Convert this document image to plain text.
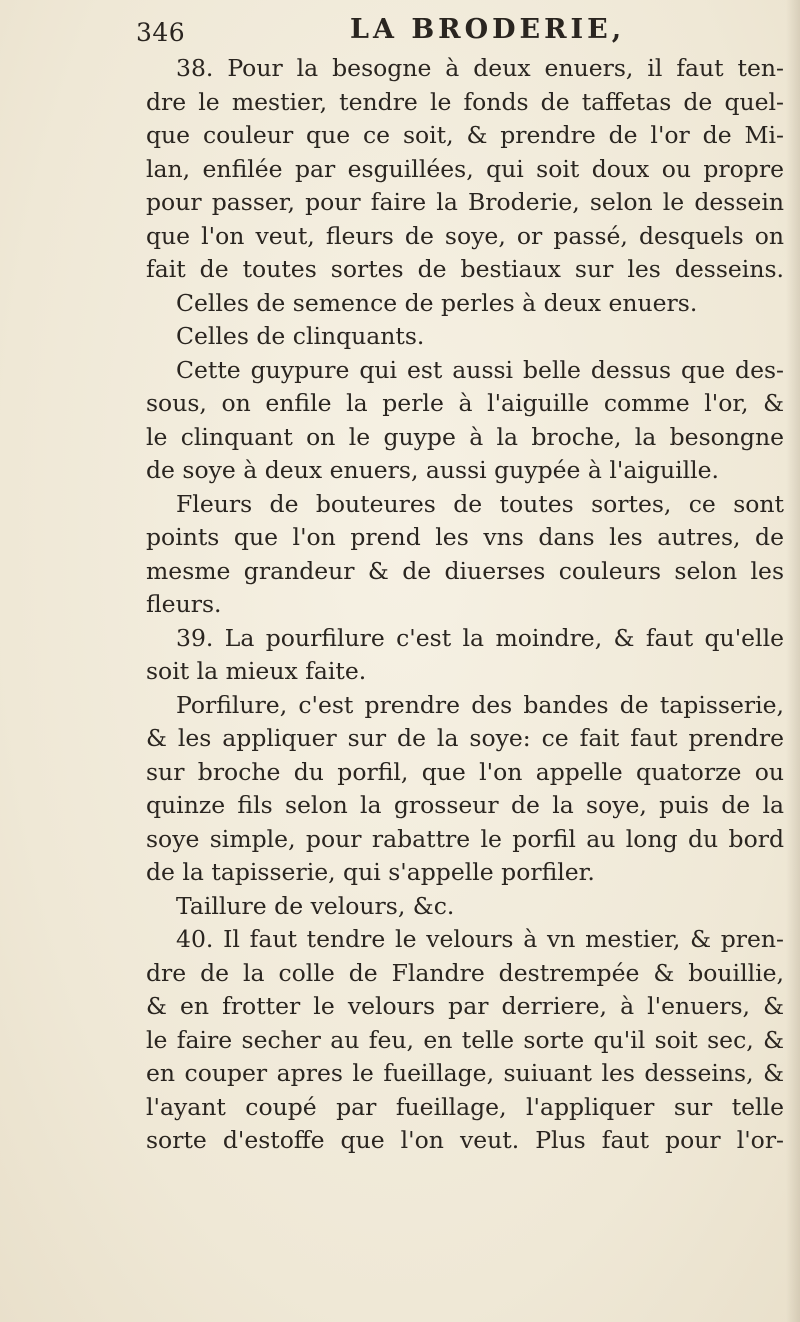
346	LA BRODERIE,
38. Pour la besogne à deux enuers, il faut ten-
dre le mestier, tendre le fonds de taffetas de quel-
que couleur que ce soit, & prendre de l'or de Mi-
lan, enfilée par esguillées, qui soit doux ou propre
pour passer, pour faire la Broderie, selon le dessein
que l'on veut, fleurs de soye, or passé, desquels on
fait de toutes sortes de bestiaux sur les desseins.
Celles de semence de perles à deux enuers.
Celles de clinquants.
Cette guypure qui est aussi belle dessus que des-
sous, on enfile la perle à l'aiguille comme l'or, &
le clinquant on le guype à la broche, la besongne
de soye à deux enuers, aussi guypée à l'aiguille.
Fleurs de bouteures de toutes sortes, ce sont
points que l'on prend les vns dans les autres, de
mesme grandeur & de diuerses couleurs selon les
fleurs.
39. La pourfilure c'est la moindre, & faut qu'elle
soit la mieux faite.
Porfilure, c'est prendre des bandes de tapisserie,
& les appliquer sur de la soye: ce fait faut prendre
sur broche du porfil, que l'on appelle quatorze ou
quinze fils selon la grosseur de la soye, puis de la
soye simple, pour rabattre le porfil au long du bord
de la tapisserie, qui s'appelle porfiler.
Taillure de velours, &c.
40. Il faut tendre le velours à vn mestier, & pren-
dre de la colle de Flandre destrempée & bouillie,
& en frotter le velours par derriere, à l'enuers, &
le faire secher au feu, en telle sorte qu'il soit sec, &
en couper apres le fueillage, suiuant les desseins, &
l'ayant coupé par fueillage, l'appliquer sur telle
sorte d'estoffe que l'on veut. Plus faut pour l'or-
